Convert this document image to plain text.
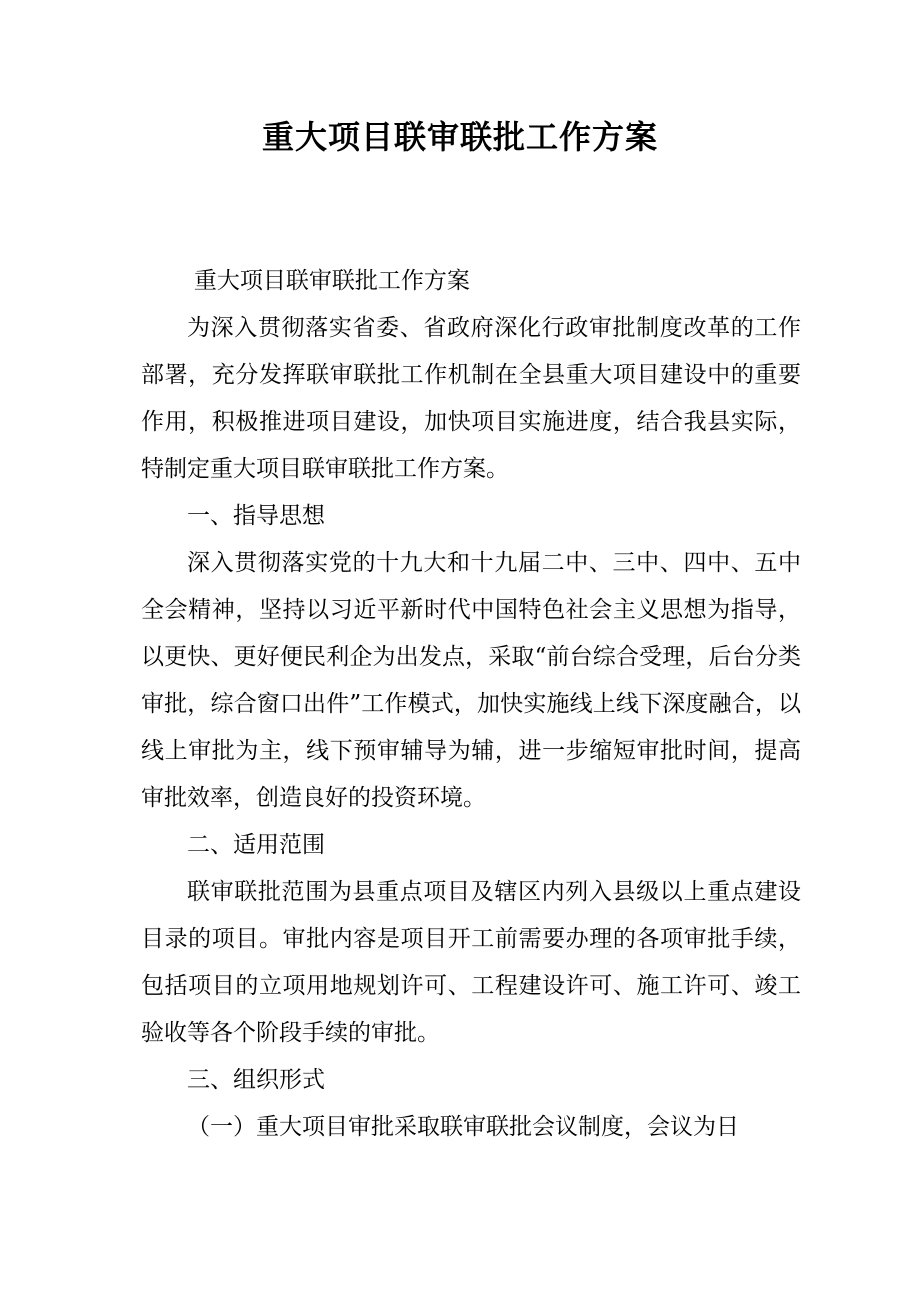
重大项目联审联批工作方案

重大项目联审联批工作方案

为深入贯彻落实省委、省政府深化行政审批制度改革的工作部署，充分发挥联审联批工作机制在全县重大项目建设中的重要作用，积极推进项目建设，加快项目实施进度，结合我县实际，特制定重大项目联审联批工作方案。

一、指导思想

深入贯彻落实党的十九大和十九届二中、三中、四中、五中全会精神，坚持以习近平新时代中国特色社会主义思想为指导，以更快、更好便民利企为出发点，采取“前台综合受理，后台分类审批，综合窗口出件”工作模式，加快实施线上线下深度融合，以线上审批为主，线下预审辅导为辅，进一步缩短审批时间，提高审批效率，创造良好的投资环境。

二、适用范围

联审联批范围为县重点项目及辖区内列入县级以上重点建设目录的项目。审批内容是项目开工前需要办理的各项审批手续，包括项目的立项用地规划许可、工程建设许可、施工许可、竣工验收等各个阶段手续的审批。

三、组织形式

（一）重大项目审批采取联审联批会议制度，会议为日
